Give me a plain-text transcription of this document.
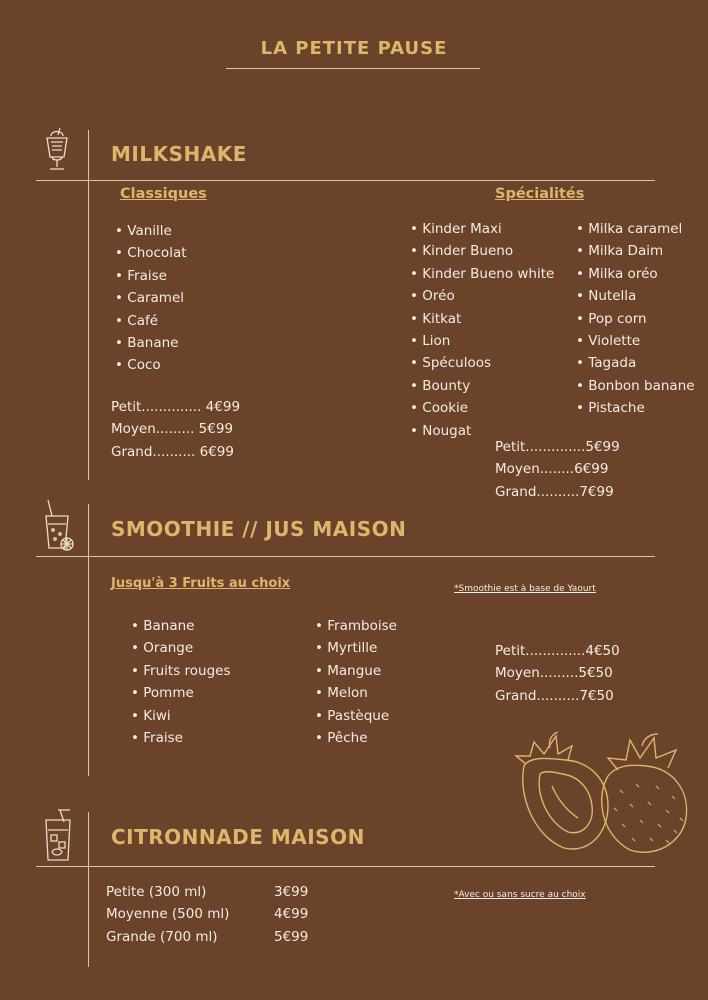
LA PETITE PAUSE
MILKSHAKE
Classiques
• Vanille
• Chocolat
• Fraise
• Caramel
• Café
• Banane
• Coco
Petit.............. 4€99
Moyen......... 5€99
Grand.......... 6€99
Spécialités
• Kinder Maxi
• Kinder Bueno
• Kinder Bueno white
• Oréo
• Kitkat
• Lion
• Spéculoos
• Bounty
• Cookie
• Nougat
• Milka caramel
• Milka Daim
• Milka oréo
• Nutella
• Pop corn
• Violette
• Tagada
• Bonbon banane
• Pistache
Petit..............5€99
Moyen........6€99
Grand..........7€99
SMOOTHIE // JUS MAISON
Jusqu'à 3 Fruits au choix	*Smoothie est à base de Yaourt
• Banane
• Orange
• Fruits rouges
• Pomme
• Kiwi
• Fraise
• Framboise
• Myrtille
• Mangue
• Melon
• Pastèque
• Pêche
Petit..............4€50
Moyen.........5€50
Grand..........7€50
CITRONNADE MAISON
*Avec ou sans sucre au choix
Petite (300 ml)
Moyenne (500 ml)
Grande (700 ml)
3€99
4€99
5€99
